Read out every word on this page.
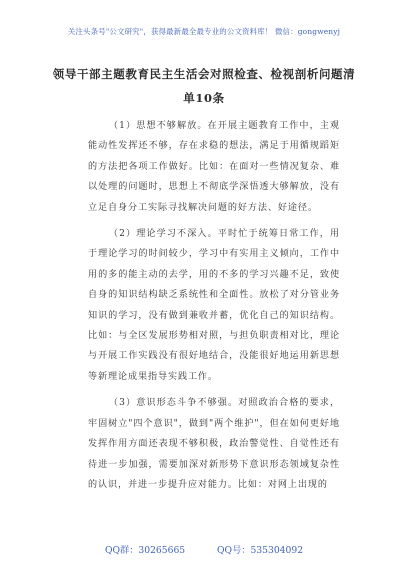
关注头条号"公文研究"，获得最新最全最专业的公文资料库！ 微信：gongwenyj
领导干部主题教育民主生活会对照检查、检视剖析问题清
单10条

（1）思想不够解放。在开展主题教育工作中，主观能动性发挥还不够，存在求稳的想法，满足于用循规蹈矩的方法把各项工作做好。比如：在面对一些情况复杂、难以处理的问题时，思想上不彻底学深悟透大够解放，没有立足自身分工实际寻找解决问题的好方法、好途径。

（2）理论学习不深入。平时忙于统筹日常工作，用于理论学习的时间较少，学习中有实用主义倾向，工作中用的多的能主动的去学，用的不多的学习兴趣不足，致使自身的知识结构缺乏系统性和全面性。放松了对分管业务知识的学习，没有做到兼收并蓄，优化自己的知识结构。比如：与全区发展形势相对照，与担负职责相对比，理论与开展工作实践没有很好地结合，没能很好地运用新思想等新理论成果指导实践工作。

（3）意识形态斗争不够强。对照政治合格的要求，牢固树立"四个意识"，做到"两个维护"，但在如何更好地发挥作用方面还表现不够积极，政治警觉性、自觉性还有待进一步加强，需要加深对新形势下意识形态领域复杂性的认识，并进一步提升应对能力。比如：对网上出现的

QQ群：30265665	QQ号：535304092
